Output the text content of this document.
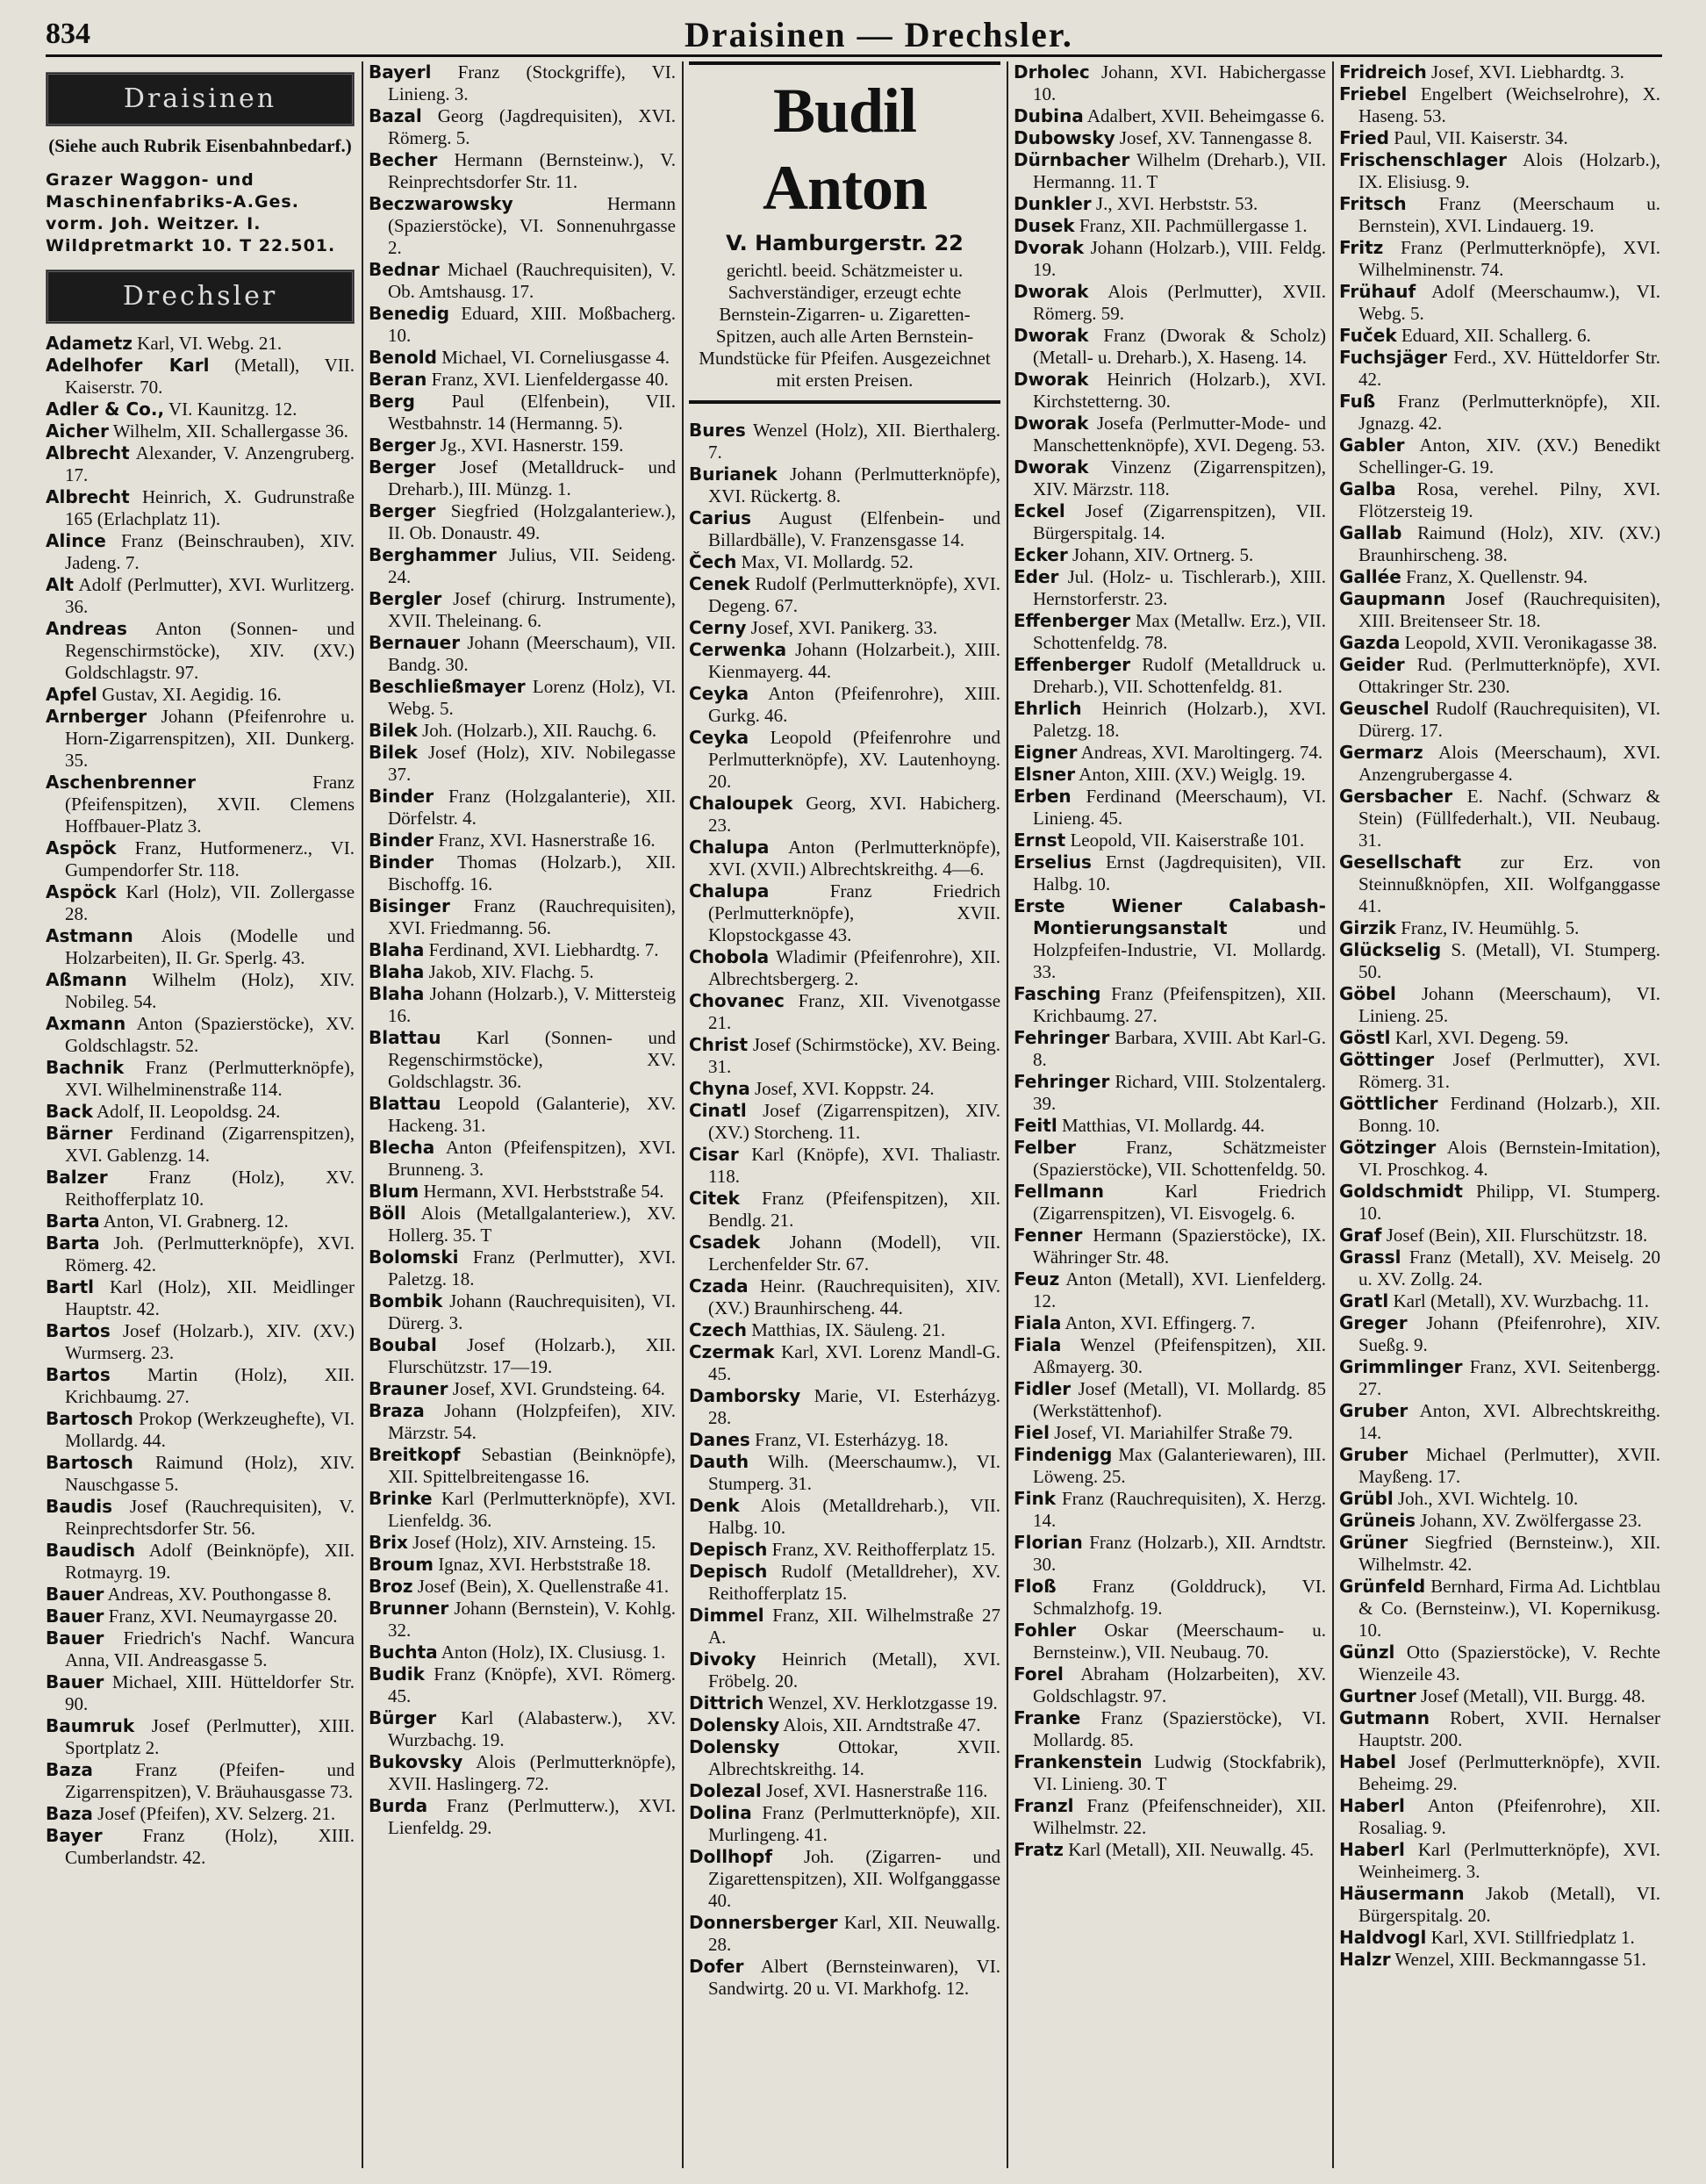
834	Draisinen — Drechsler.
Draisinen
(Siehe auch Rubrik Eisenbahnbedarf.)
Grazer Waggon- und Maschinenfabriks-A.Ges. vorm. Joh. Weitzer. I. Wildpretmarkt 10. T 22.501.
Drechsler
Adametz Karl, VI. Webg. 21.
Adelhofer Karl (Metall), VII. Kaiserstr. 70.
Adler & Co., VI. Kaunitzg. 12.
Aicher Wilhelm, XII. Schallergasse 36.
Albrecht Alexander, V. Anzengruberg. 17.
Albrecht Heinrich, X. Gudrunstraße 165 (Erlachplatz 11).
Alince Franz (Beinschrauben), XIV. Jadeng. 7.
Alt Adolf (Perlmutter), XVI. Wurlitzerg. 36.
Andreas Anton (Sonnen- und Regenschirmstöcke), XIV. (XV.) Goldschlagstr. 97.
Apfel Gustav, XI. Aegidig. 16.
Arnberger Johann (Pfeifenrohre u. Horn-Zigarrenspitzen), XII. Dunkerg. 35.
Aschenbrenner	Franz (Pfeifenspitzen), XVII. Clemens Hoffbauer-Platz 3.
Aspöck Franz, Hutformenerz., VI. Gumpendorfer Str. 118.
Aspöck Karl (Holz), VII. Zollergasse 28.
Astmann Alois (Modelle und Holzarbeiten), II. Gr. Sperlg. 43.
Aßmann Wilhelm (Holz), XIV. Nobileg. 54.
Axmann Anton (Spazierstöcke), XV. Goldschlagstr. 52.
Bachnik Franz (Perlmutterknöpfe), XVI. Wilhelminenstraße 114.
Back Adolf, II. Leopoldsg. 24.
Bärner Ferdinand (Zigarrenspitzen), XVI. Gablenzg. 14.
Balzer Franz (Holz), XV. Reithofferplatz 10.
Barta Anton, VI. Grabnerg. 12.
Barta Joh. (Perlmutterknöpfe), XVI. Römerg. 42.
Bartl Karl (Holz), XII. Meidlinger Hauptstr. 42.
Bartos Josef (Holzarb.), XIV. (XV.) Wurmserg. 23.
Bartos Martin (Holz), XII. Krichbaumg. 27.
Bartosch Prokop (Werkzeughefte), VI. Mollardg. 44.
Bartosch Raimund (Holz), XIV. Nauschgasse 5.
Baudis Josef (Rauchrequisiten), V. Reinprechtsdorfer Str. 56.
Baudisch Adolf (Beinknöpfe), XII. Rotmayrg. 19.
Bauer Andreas, XV. Pouthongasse 8.
Bauer Franz, XVI. Neumayrgasse 20.
Bauer Friedrich's Nachf. Wancura Anna, VII. Andreasgasse 5.
Bauer Michael, XIII. Hütteldorfer Str. 90.
Baumruk Josef (Perlmutter), XIII. Sportplatz 2.
Baza Franz (Pfeifen- und Zigarrenspitzen), V. Bräuhausgasse 73.
Baza Josef (Pfeifen), XV. Selzerg. 21.
Bayer Franz (Holz), XIII. Cumberlandstr. 42.
Bayerl Franz (Stockgriffe), VI. Linieng. 3.
Bazal Georg (Jagdrequisiten), XVI. Römerg. 5.
Becher Hermann (Bernsteinw.), V. Reinprechtsdorfer Str. 11.
Beczwarowsky	Hermann (Spazierstöcke), VI. Sonnenuhrgasse 2.
Bednar Michael (Rauchrequisiten), V. Ob. Amtshausg. 17.
Benedig Eduard, XIII. Moßbacherg. 10.
Benold Michael, VI. Corneliusgasse 4.
Beran Franz, XVI. Lienfeldergasse 40.
Berg Paul (Elfenbein), VII. Westbahnstr. 14 (Hermanng. 5).
Berger Jg., XVI. Hasnerstr. 159.
Berger Josef (Metalldruck- und Dreharb.), III. Münzg. 1.
Berger Siegfried (Holzgalanteriew.), II. Ob. Donaustr. 49.
Berghammer Julius, VII. Seideng. 24.
Bergler Josef (chirurg. Instrumente), XVII. Theleinang. 6.
Bernauer Johann (Meerschaum), VII. Bandg. 30.
Beschließmayer Lorenz (Holz), VI. Webg. 5.
Bilek Joh. (Holzarb.), XII. Rauchg. 6.
Bilek Josef (Holz), XIV. Nobilegasse 37.
Binder Franz (Holzgalanterie), XII. Dörfelstr. 4.
Binder Franz, XVI. Hasnerstraße 16.
Binder Thomas (Holzarb.), XII. Bischoffg. 16.
Bisinger Franz (Rauchrequisiten), XVI. Friedmanng. 56.
Blaha Ferdinand, XVI. Liebhardtg. 7.
Blaha Jakob, XIV. Flachg. 5.
Blaha Johann (Holzarb.), V. Mittersteig 16.
Blattau Karl (Sonnen- und Regenschirmstöcke), XV. Goldschlagstr. 36.
Blattau Leopold (Galanterie), XV. Hackeng. 31.
Blecha Anton (Pfeifenspitzen), XVI. Brunneng. 3.
Blum Hermann, XVI. Herbststraße 54.
Böll Alois (Metallgalanteriew.), XV. Hollerg. 35. T
Bolomski Franz (Perlmutter), XVI. Paletzg. 18.
Bombik Johann (Rauchrequisiten), VI. Dürerg. 3.
Boubal Josef (Holzarb.), XII. Flurschützstr. 17—19.
Brauner Josef, XVI. Grundsteing. 64.
Braza Johann (Holzpfeifen), XIV. Märzstr. 54.
Breitkopf Sebastian (Beinknöpfe), XII. Spittelbreitengasse 16.
Brinke Karl (Perlmutterknöpfe), XVI. Lienfeldg. 36.
Brix Josef (Holz), XIV. Arnsteing. 15.
Broum Ignaz, XVI. Herbststraße 18.
Broz Josef (Bein), X. Quellenstraße 41.
Brunner Johann (Bernstein), V. Kohlg. 32.
Buchta Anton (Holz), IX. Clusiusg. 1.
Budik Franz (Knöpfe), XVI. Römerg. 45.
Bürger Karl (Alabasterw.), XV. Wurzbachg. 19.
Bukovsky Alois (Perlmutterknöpfe), XVII. Haslingerg. 72.
Burda Franz (Perlmutterw.), XVI. Lienfeldg. 29.
Budil Anton
V. Hamburgerstr. 22
gerichtl. beeid. Schätzmeister u. Sachverständiger, erzeugt echte Bernstein-Zigarren- u. Zigaretten-Spitzen, auch alle Arten Bernstein-Mundstücke für Pfeifen. Ausgezeichnet mit ersten Preisen.
Bures Wenzel (Holz), XII. Bierthalerg. 7.
Burianek Johann (Perlmutterknöpfe), XVI. Rückertg. 8.
Carius August (Elfenbein- und Billardbälle), V. Franzensgasse 14.
Čech Max, VI. Mollardg. 52.
Cenek Rudolf (Perlmutterknöpfe), XVI. Degeng. 67.
Cerny Josef, XVI. Panikerg. 33.
Cerwenka Johann (Holzarbeit.), XIII. Kienmayerg. 44.
Ceyka Anton (Pfeifenrohre), XIII. Gurkg. 46.
Ceyka Leopold (Pfeifenrohre und Perlmutterknöpfe), XV. Lautenhoyng. 20.
Chaloupek Georg, XVI. Habicherg. 23.
Chalupa Anton (Perlmutterknöpfe), XVI. (XVII.) Albrechtskreithg. 4—6.
Chalupa	Franz Friedrich (Perlmutterknöpfe), XVII. Klopstockgasse 43.
Chobola Wladimir (Pfeifenrohre), XII. Albrechtsbergerg. 2.
Chovanec Franz, XII. Vivenotgasse 21.
Christ Josef (Schirmstöcke), XV. Being. 31.
Chyna Josef, XVI. Koppstr. 24.
Cinatl Josef (Zigarrenspitzen), XIV. (XV.) Storcheng. 11.
Cisar Karl (Knöpfe), XVI. Thaliastr. 118.
Citek Franz (Pfeifenspitzen), XII. Bendlg. 21.
Csadek Johann (Modell), VII. Lerchenfelder Str. 67.
Czada Heinr. (Rauchrequisiten), XIV. (XV.) Braunhirscheng. 44.
Czech Matthias, IX. Säuleng. 21.
Czermak Karl, XVI. Lorenz Mandl-G. 45.
Damborsky Marie, VI. Esterházyg. 28.
Danes Franz, VI. Esterházyg. 18.
Dauth Wilh. (Meerschaumw.), VI. Stumperg. 31.
Denk Alois (Metalldreharb.), VII. Halbg. 10.
Depisch Franz, XV. Reithofferplatz 15.
Depisch Rudolf (Metalldreher), XV. Reithofferplatz 15.
Dimmel Franz, XII. Wilhelmstraße 27 A.
Divoky Heinrich (Metall), XVI. Fröbelg. 20.
Dittrich Wenzel, XV. Herklotzgasse 19.
Dolensky Alois, XII. Arndtstraße 47.
Dolensky	Ottokar, XVII. Albrechtskreithg. 14.
Dolezal Josef, XVI. Hasnerstraße 116.
Dolina Franz (Perlmutterknöpfe), XII. Murlingeng. 41.
Dollhopf Joh. (Zigarren- und Zigarettenspitzen), XII. Wolfganggasse 40.
Donnersberger Karl, XII. Neuwallg. 28.
Dofer Albert (Bernsteinwaren), VI. Sandwirtg. 20 u. VI. Markhofg. 12.
Drholec Johann, XVI. Habichergasse 10.
Dubina Adalbert, XVII. Beheimgasse 6.
Dubowsky Josef, XV. Tannengasse 8.
Dürnbacher Wilhelm (Dreharb.), VII. Hermanng. 11. T
Dunkler J., XVI. Herbststr. 53.
Dusek Franz, XII. Pachmüllergasse 1.
Dvorak Johann (Holzarb.), VIII. Feldg. 19.
Dworak Alois (Perlmutter), XVII. Römerg. 59.
Dworak Franz (Dworak & Scholz) (Metall- u. Dreharb.), X. Haseng. 14.
Dworak Heinrich (Holzarb.), XVI. Kirchstetterng. 30.
Dworak Josefa (Perlmutter-Mode- und Manschettenknöpfe), XVI. Degeng. 53.
Dworak Vinzenz (Zigarrenspitzen), XIV. Märzstr. 118.
Eckel Josef (Zigarrenspitzen), VII. Bürgerspitalg. 14.
Ecker Johann, XIV. Ortnerg. 5.
Eder Jul. (Holz- u. Tischlerarb.), XIII. Hernstorferstr. 23.
Effenberger Max (Metallw. Erz.), VII. Schottenfeldg. 78.
Effenberger Rudolf (Metalldruck u. Dreharb.), VII. Schottenfeldg. 81.
Ehrlich Heinrich (Holzarb.), XVI. Paletzg. 18.
Eigner Andreas, XVI. Maroltingerg. 74.
Elsner Anton, XIII. (XV.) Weiglg. 19.
Erben Ferdinand (Meerschaum), VI. Linieng. 45.
Ernst Leopold, VII. Kaiserstraße 101.
Erselius Ernst (Jagdrequisiten), VII. Halbg. 10.
Erste Wiener Calabash-Montierungsanstalt	und Holzpfeifen-Industrie, VI. Mollardg. 33.
Fasching Franz (Pfeifenspitzen), XII. Krichbaumg. 27.
Fehringer Barbara, XVIII. Abt Karl-G. 8.
Fehringer Richard, VIII. Stolzentalerg. 39.
Feitl Matthias, VI. Mollardg. 44.
Felber	Franz, Schätzmeister (Spazierstöcke), VII. Schottenfeldg. 50.
Fellmann	Karl Friedrich (Zigarrenspitzen), VI. Eisvogelg. 6.
Fenner Hermann (Spazierstöcke), IX. Währinger Str. 48.
Feuz Anton (Metall), XVI. Lienfelderg. 12.
Fiala Anton, XVI. Effingerg. 7.
Fiala Wenzel (Pfeifenspitzen), XII. Aßmayerg. 30.
Fidler Josef (Metall), VI. Mollardg. 85 (Werkstättenhof).
Fiel Josef, VI. Mariahilfer Straße 79.
Findenigg Max (Galanteriewaren), III. Löweng. 25.
Fink Franz (Rauchrequisiten), X. Herzg. 14.
Florian Franz (Holzarb.), XII. Arndtstr. 30.
Floß Franz (Golddruck), VI. Schmalzhofg. 19.
Fohler Oskar (Meerschaum- u. Bernsteinw.), VII. Neubaug. 70.
Forel Abraham (Holzarbeiten), XV. Goldschlagstr. 97.
Franke Franz (Spazierstöcke), VI. Mollardg. 85.
Frankenstein Ludwig (Stockfabrik), VI. Linieng. 30. T
Franzl Franz (Pfeifenschneider), XII. Wilhelmstr. 22.
Fratz Karl (Metall), XII. Neuwallg. 45.
Fridreich Josef, XVI. Liebhardtg. 3.
Friebel Engelbert (Weichselrohre), X. Haseng. 53.
Fried Paul, VII. Kaiserstr. 34.
Frischenschlager Alois (Holzarb.), IX. Elisiusg. 9.
Fritsch Franz (Meerschaum u. Bernstein), XVI. Lindauerg. 19.
Fritz Franz (Perlmutterknöpfe), XVI. Wilhelminenstr. 74.
Frühauf Adolf (Meerschaumw.), VI. Webg. 5.
Fuček Eduard, XII. Schallerg. 6.
Fuchsjäger Ferd., XV. Hütteldorfer Str. 42.
Fuß Franz (Perlmutterknöpfe), XII. Jgnazg. 42.
Gabler Anton, XIV. (XV.) Benedikt Schellinger-G. 19.
Galba Rosa, verehel. Pilny, XVI. Flötzersteig 19.
Gallab Raimund (Holz), XIV. (XV.) Braunhirscheng. 38.
Gallée Franz, X. Quellenstr. 94.
Gaupmann Josef (Rauchrequisiten), XIII. Breitenseer Str. 18.
Gazda Leopold, XVII. Veronikagasse 38.
Geider Rud. (Perlmutterknöpfe), XVI. Ottakringer Str. 230.
Geuschel Rudolf (Rauchrequisiten), VI. Dürerg. 17.
Germarz Alois (Meerschaum), XVI. Anzengrubergasse 4.
Gersbacher E. Nachf. (Schwarz & Stein) (Füllfederhalt.), VII. Neubaug. 31.
Gesellschaft zur Erz. von Steinnußknöpfen, XII. Wolfganggasse 41.
Girzik Franz, IV. Heumühlg. 5.
Glückselig S. (Metall), VI. Stumperg. 50.
Göbel Johann (Meerschaum), VI. Linieng. 25.
Göstl Karl, XVI. Degeng. 59.
Göttinger Josef (Perlmutter), XVI. Römerg. 31.
Göttlicher Ferdinand (Holzarb.), XII. Bonng. 10.
Götzinger Alois (Bernstein-Imitation), VI. Proschkog. 4.
Goldschmidt Philipp, VI. Stumperg. 10.
Graf Josef (Bein), XII. Flurschützstr. 18.
Grassl Franz (Metall), XV. Meiselg. 20 u. XV. Zollg. 24.
Gratl Karl (Metall), XV. Wurzbachg. 11.
Greger Johann (Pfeifenrohre), XIV. Sueßg. 9.
Grimmlinger Franz, XVI. Seitenbergg. 27.
Gruber Anton, XVI. Albrechtskreithg. 14.
Gruber Michael (Perlmutter), XVII. Mayßeng. 17.
Grübl Joh., XVI. Wichtelg. 10.
Grüneis Johann, XV. Zwölfergasse 23.
Grüner Siegfried (Bernsteinw.), XII. Wilhelmstr. 42.
Grünfeld Bernhard, Firma Ad. Lichtblau & Co. (Bernsteinw.), VI. Kopernikusg. 10.
Günzl Otto (Spazierstöcke), V. Rechte Wienzeile 43.
Gurtner Josef (Metall), VII. Burgg. 48.
Gutmann Robert, XVII. Hernalser Hauptstr. 200.
Habel Josef (Perlmutterknöpfe), XVII. Beheimg. 29.
Haberl Anton (Pfeifenrohre), XII. Rosaliag. 9.
Haberl Karl (Perlmutterknöpfe), XVI. Weinheimerg. 3.
Häusermann Jakob (Metall), VI. Bürgerspitalg. 20.
Haldvogl Karl, XVI. Stillfriedplatz 1.
Halzr Wenzel, XIII. Beckmanngasse 51.
